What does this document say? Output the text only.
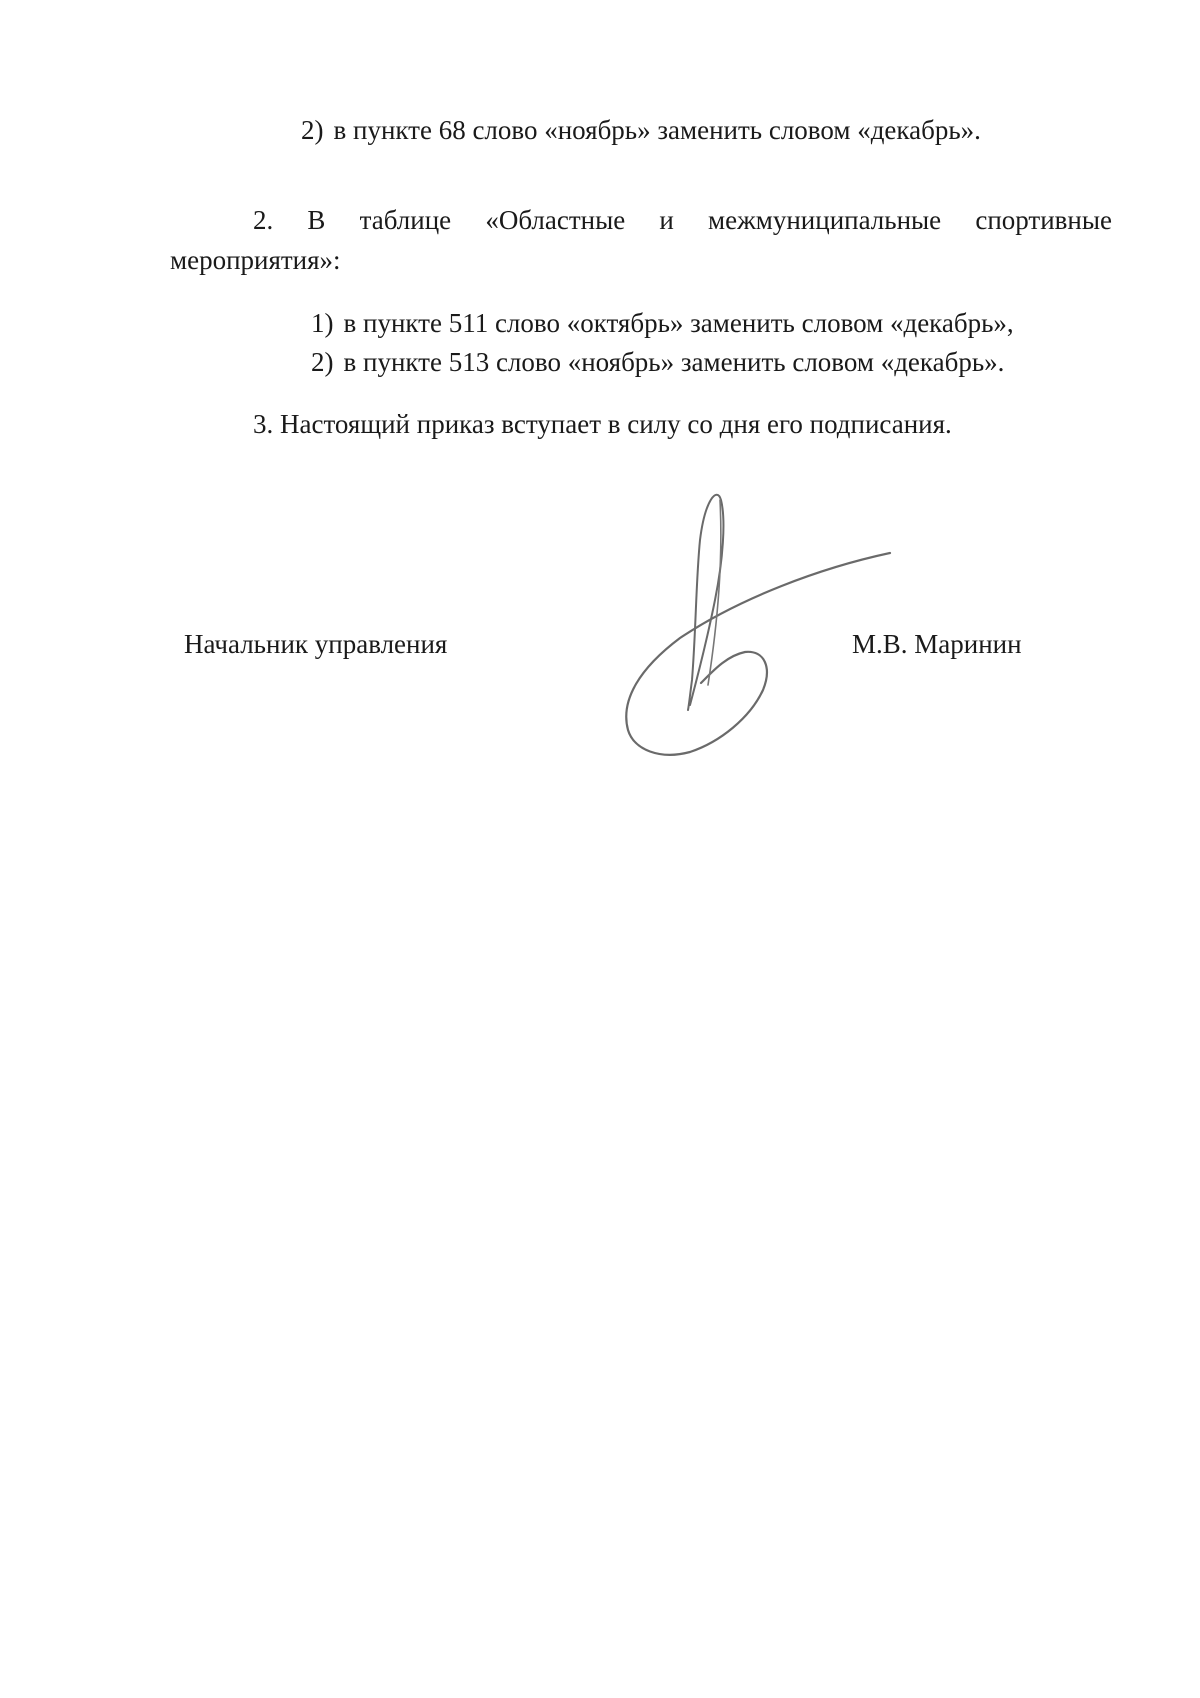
2) в пункте 68 слово «ноябрь» заменить словом «декабрь».
2. В таблице «Областные и межмуниципальные спортивные
мероприятия»:
1) в пункте 511 слово «октябрь» заменить словом «декабрь»,
2) в пункте 513 слово «ноябрь» заменить словом «декабрь».
3. Настоящий приказ вступает в силу со дня его подписания.
Начальник управления	М.В. Маринин
